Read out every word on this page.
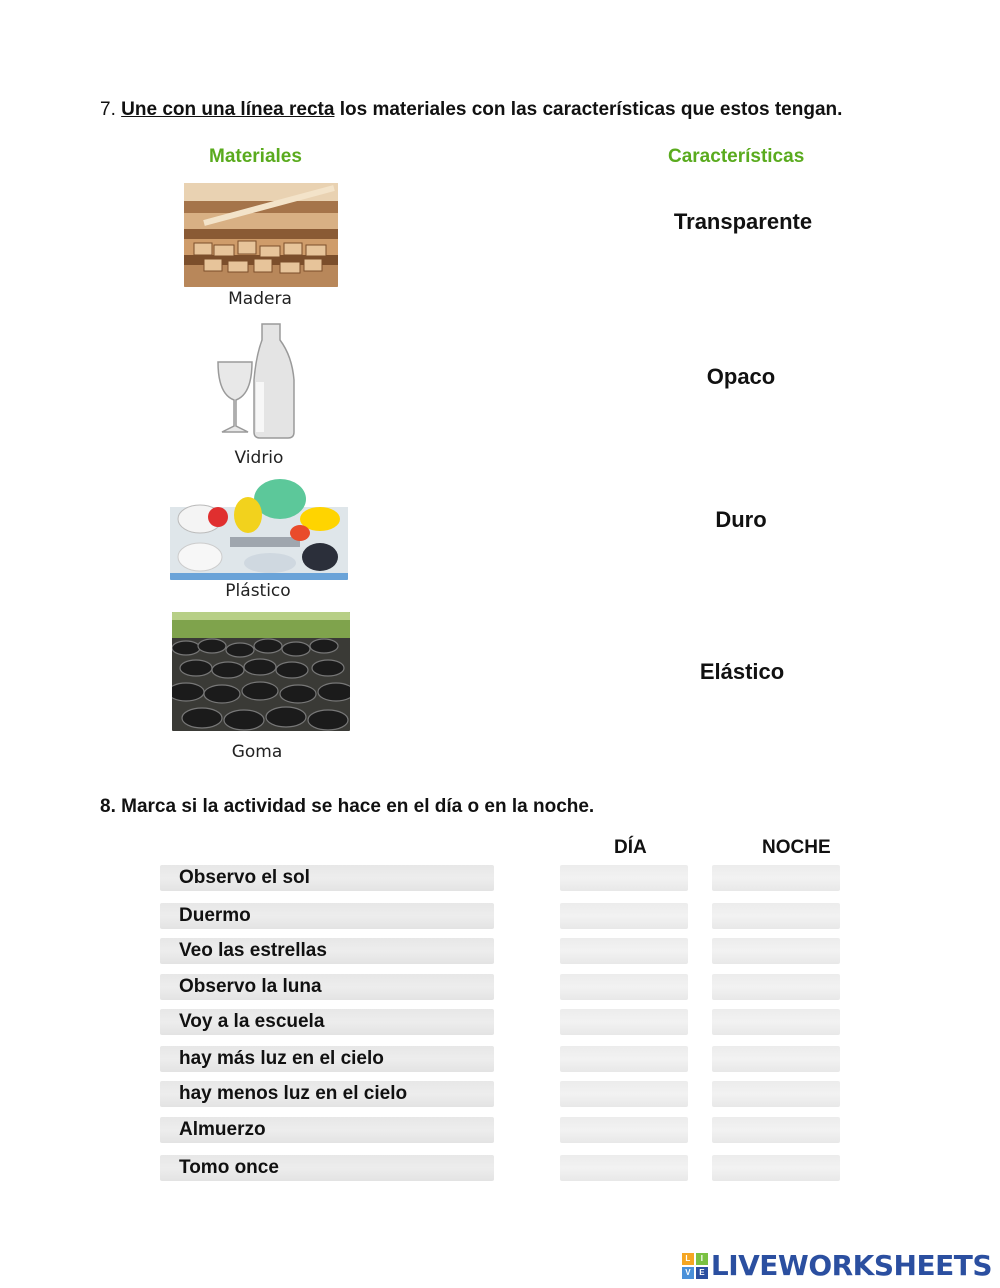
7. Une con una línea recta los materiales con las características que estos tengan.
Materiales	Características
Madera
Vidrio
Plástico
Goma
Transparente
Opaco
Duro
Elástico
8. Marca si la actividad se hace en el día o en la noche.
DÍA	NOCHE
Observo el sol
Duermo
Veo las estrellas
Observo la luna
Voy a la escuela
hay más luz en el cielo
hay menos luz en el cielo
Almuerzo
Tomo once
L	I
V	E LIVEWORKSHEETS
